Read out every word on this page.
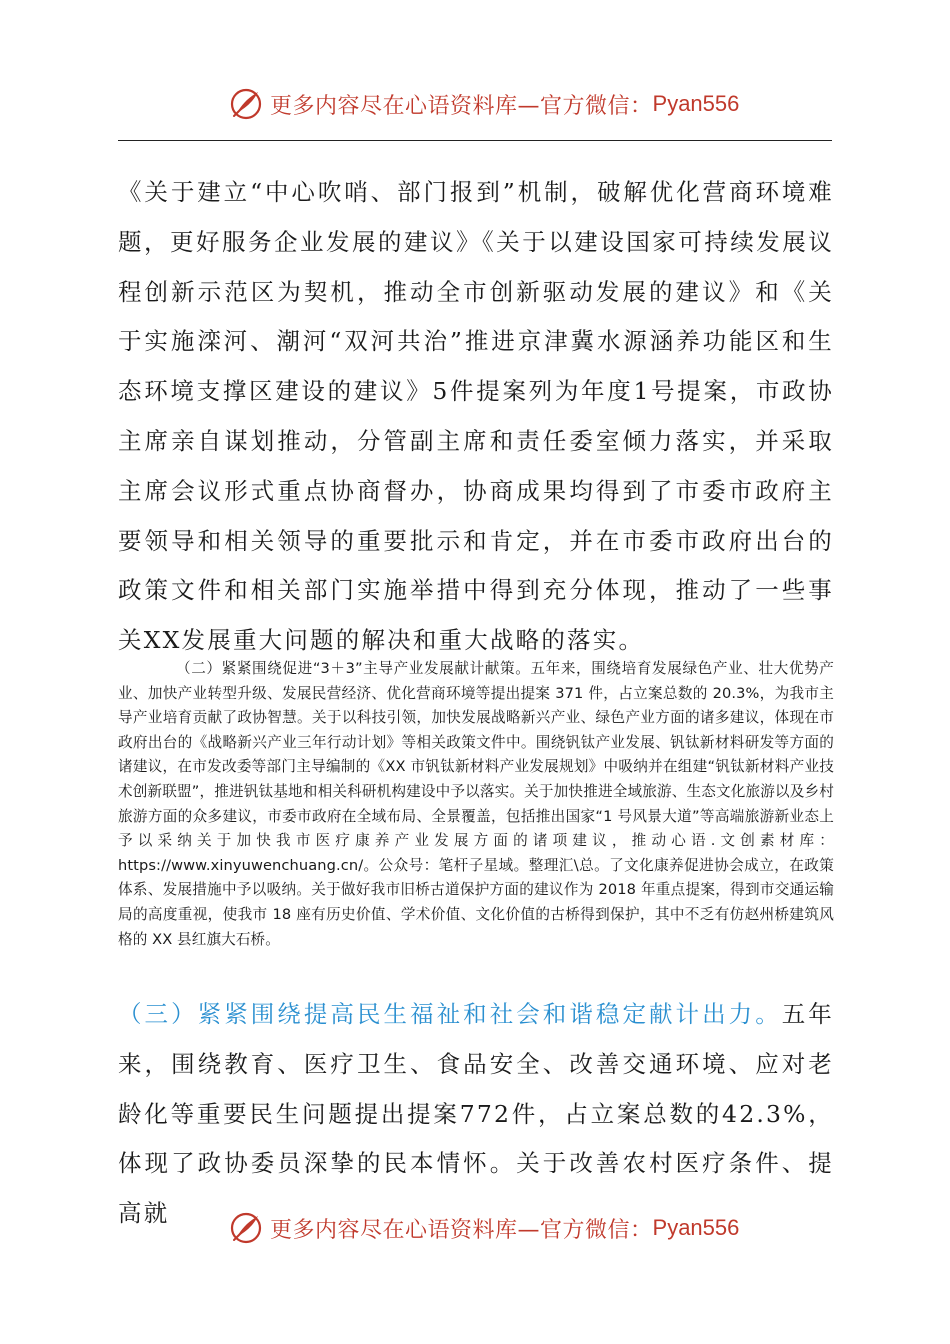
更多内容尽在心语资料库—官方微信： Pyan556

《关于建立“中心吹哨、部门报到”机制，破解优化营商环境难题，更好服务企业发展的建议》《关于以建设国家可持续发展议程创新示范区为契机，推动全市创新驱动发展的建议》和《关于实施滦河、潮河“双河共治”推进京津冀水源涵养功能区和生态环境支撑区建设的建议》5件提案列为年度1号提案，市政协主席亲自谋划推动，分管副主席和责任委室倾力落实，并采取主席会议形式重点协商督办，协商成果均得到了市委市政府主要领导和相关领导的重要批示和肯定，并在市委市政府出台的政策文件和相关部门实施举措中得到充分体现，推动了一些事关XX发展重大问题的解决和重大战略的落实。

（二）紧紧围绕促进“3＋3”主导产业发展献计献策。五年来，围绕培育发展绿色产业、壮大优势产业、加快产业转型升级、发展民营经济、优化营商环境等提出提案 371 件，占立案总数的 20.3%，为我市主导产业培育贡献了政协智慧。关于以科技引领，加快发展战略新兴产业、绿色产业方面的诸多建议，体现在市政府出台的《战略新兴产业三年行动计划》等相关政策文件中。围绕钒钛产业发展、钒钛新材料研发等方面的诸建议，在市发改委等部门主导编制的《XX 市钒钛新材料产业发展规划》中吸纳并在组建“钒钛新材料产业技术创新联盟”，推进钒钛基地和相关科研机构建设中予以落实。关于加快推进全域旅游、生态文化旅游以及乡村旅游方面的众多建议，市委市政府在全域布局、全景覆盖，包括推出国家“1 号风景大道”等高端旅游新业态上予以采纳关于加快我市医疗康养产业发展方面的诸项建议，推动心语.文创素材库：https://www.xinyuwenchuang.cn/。公众号：笔杆子星域。整理汇\总。了文化康养促进协会成立，在政策体系、发展措施中予以吸纳。关于做好我市旧桥古道保护方面的建议作为 2018 年重点提案，得到市交通运输局的高度重视，使我市 18 座有历史价值、学术价值、文化价值的古桥得到保护，其中不乏有仿赵州桥建筑风格的 XX 县红旗大石桥。

（三）紧紧围绕提高民生福祉和社会和谐稳定献计出力。五年来，围绕教育、医疗卫生、食品安全、改善交通环境、应对老龄化等重要民生问题提出提案772件，占立案总数的42.3%，体现了政协委员深挚的民本情怀。关于改善农村医疗条件、提高就

更多内容尽在心语资料库—官方微信： Pyan556
